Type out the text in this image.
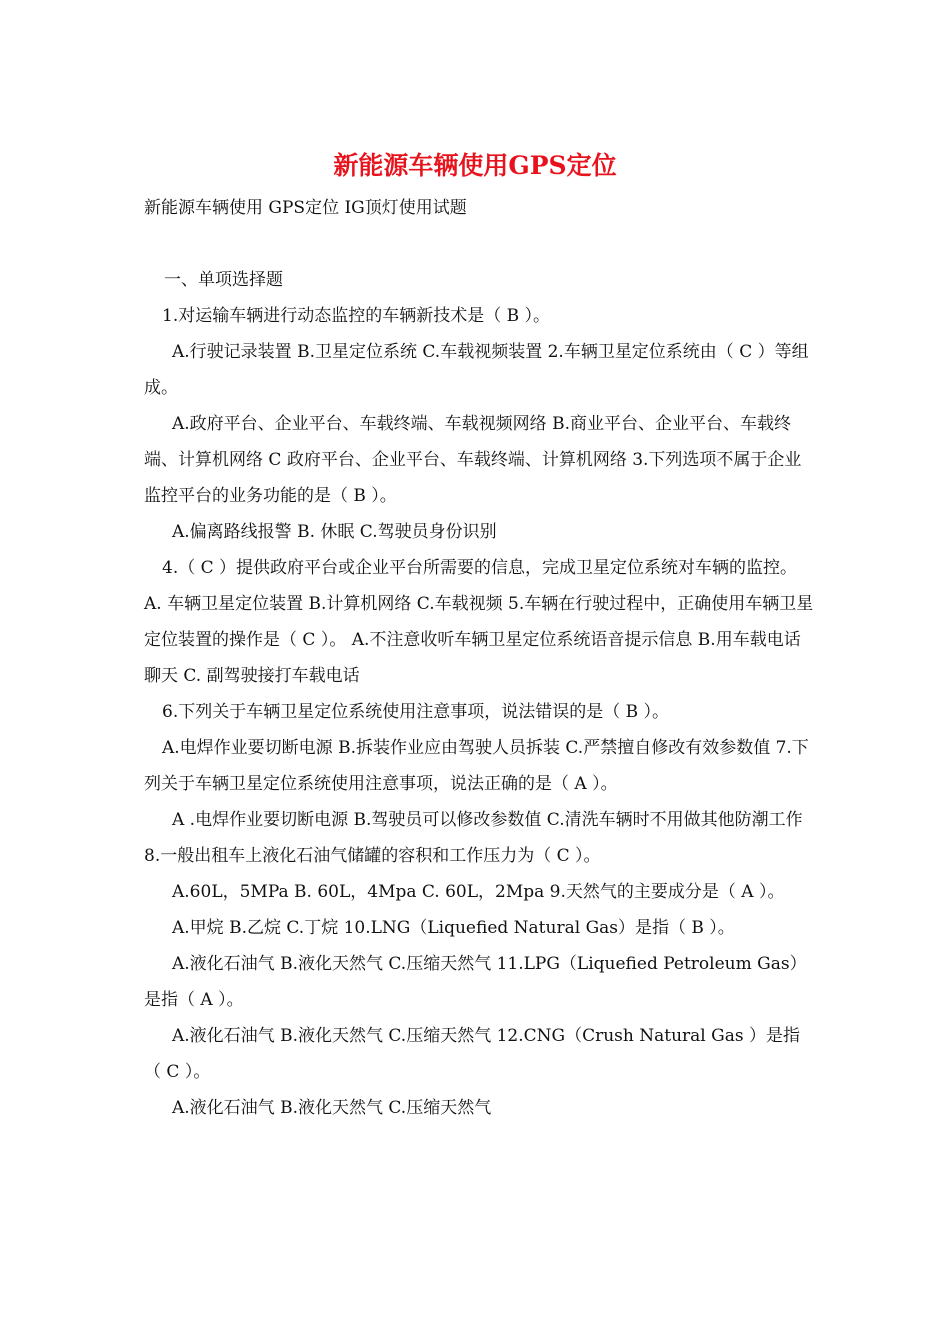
新能源车辆使用GPS定位

新能源车辆使用 GPS定位 IG顶灯使用试题

一、单项选择题

1.对运输车辆进行动态监控的车辆新技术是（ B ）。

A.行驶记录装置 B.卫星定位系统 C.车载视频装置 2.车辆卫星定位系统由（ C ）等组成。

A.政府平台、企业平台、车载终端、车载视频网络 B.商业平台、企业平台、车载终端、计算机网络 C 政府平台、企业平台、车载终端、计算机网络 3.下列选项不属于企业监控平台的业务功能的是（ B ）。

A.偏离路线报警 B. 休眠 C.驾驶员身份识别

4.（ C ）提供政府平台或企业平台所需要的信息，完成卫星定位系统对车辆的监控。 A. 车辆卫星定位装置 B.计算机网络 C.车载视频 5.车辆在行驶过程中，正确使用车辆卫星定位装置的操作是（ C ）。 A.不注意收听车辆卫星定位系统语音提示信息 B.用车载电话聊天 C. 副驾驶接打车载电话

6.下列关于车辆卫星定位系统使用注意事项，说法错误的是（ B ）。

A.电焊作业要切断电源 B.拆装作业应由驾驶人员拆装 C.严禁擅自修改有效参数值 7.下列关于车辆卫星定位系统使用注意事项，说法正确的是（ A ）。

A .电焊作业要切断电源 B.驾驶员可以修改参数值 C.清洗车辆时不用做其他防潮工作 8.一般出租车上液化石油气储罐的容积和工作压力为（ C ）。

A.60L，5MPa B. 60L，4Mpa C. 60L，2Mpa 9.天然气的主要成分是（ A ）。

A.甲烷 B.乙烷 C.丁烷 10.LNG（Liquefied Natural Gas）是指（ B ）。

A.液化石油气 B.液化天然气 C.压缩天然气 11.LPG（Liquefied Petroleum Gas）是指（ A ）。

A.液化石油气 B.液化天然气 C.压缩天然气 12.CNG（Crush Natural Gas ）是指（ C ）。

A.液化石油气 B.液化天然气 C.压缩天然气
